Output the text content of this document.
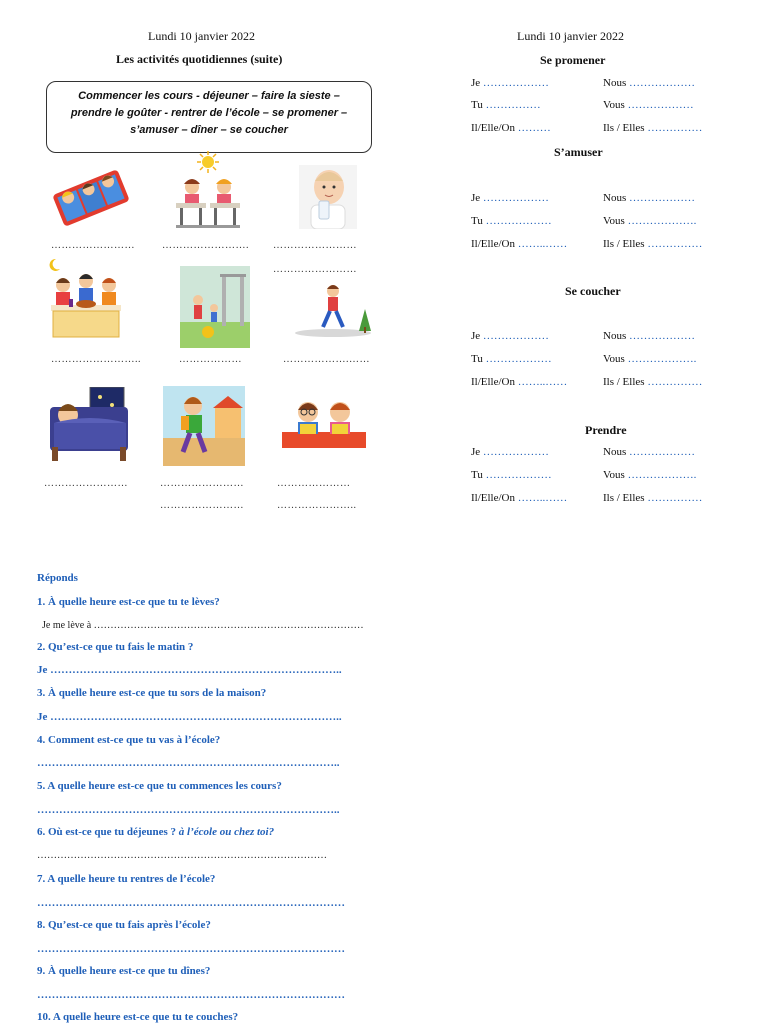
Lundi 10 janvier 2022
Les activités quotidiennes (suite)
Commencer les cours - déjeuner – faire la sieste –
prendre le goûter - rentrer de l’école – se promener –
s’amuser – dîner – se coucher
……………………	……………………. ……………………
……………………
……………………..	………………	……………….……
……………………	……………………
……………………
…………………
…………………..
Lundi 10 janvier 2022
Se promener
Je ………………	Nous ………………
Tu ……………	Vous ………………
Il/Elle/On ………	Ils / Elles ……………
S’amuser
Je ………………	Nous ………………
Tu ………………	Vous ……………….
Il/Elle/On ……..……	Ils / Elles ……………
Se coucher
Je ………………	Nous ………………
Tu ………………	Vous ……………….
Il/Elle/On ……..……	Ils / Elles ……………
Prendre
Je ………………	Nous ………………
Tu ………………	Vous ……………….
Il/Elle/On ……..……	Ils / Elles ……………
Réponds
1. À quelle heure est-ce que tu te lèves?
Je me lève à ………………………………………………………………………
2. Qu’est-ce que tu fais le matin ?
Je ……………………………………………………………………..
3. À quelle heure est-ce que tu sors de la maison?
Je ……………………………………………………………………..
4. Comment est-ce que tu vas à l’école?
………………………………………………………………………..
5. A quelle heure est-ce que tu commences les cours?
………………………………………………………………………..
6. Où est-ce que tu déjeunes ? à l’école ou chez toi?
……………………………………………………………………………
7. A quelle heure tu rentres de l’école?
…………………………………………………………………………
8. Qu’est-ce que tu fais après l’école?
…………………………………………………………………………
9. À quelle heure est-ce que tu dînes?
…………………………………………………………………………
10. A quelle heure est-ce que tu te couches?
